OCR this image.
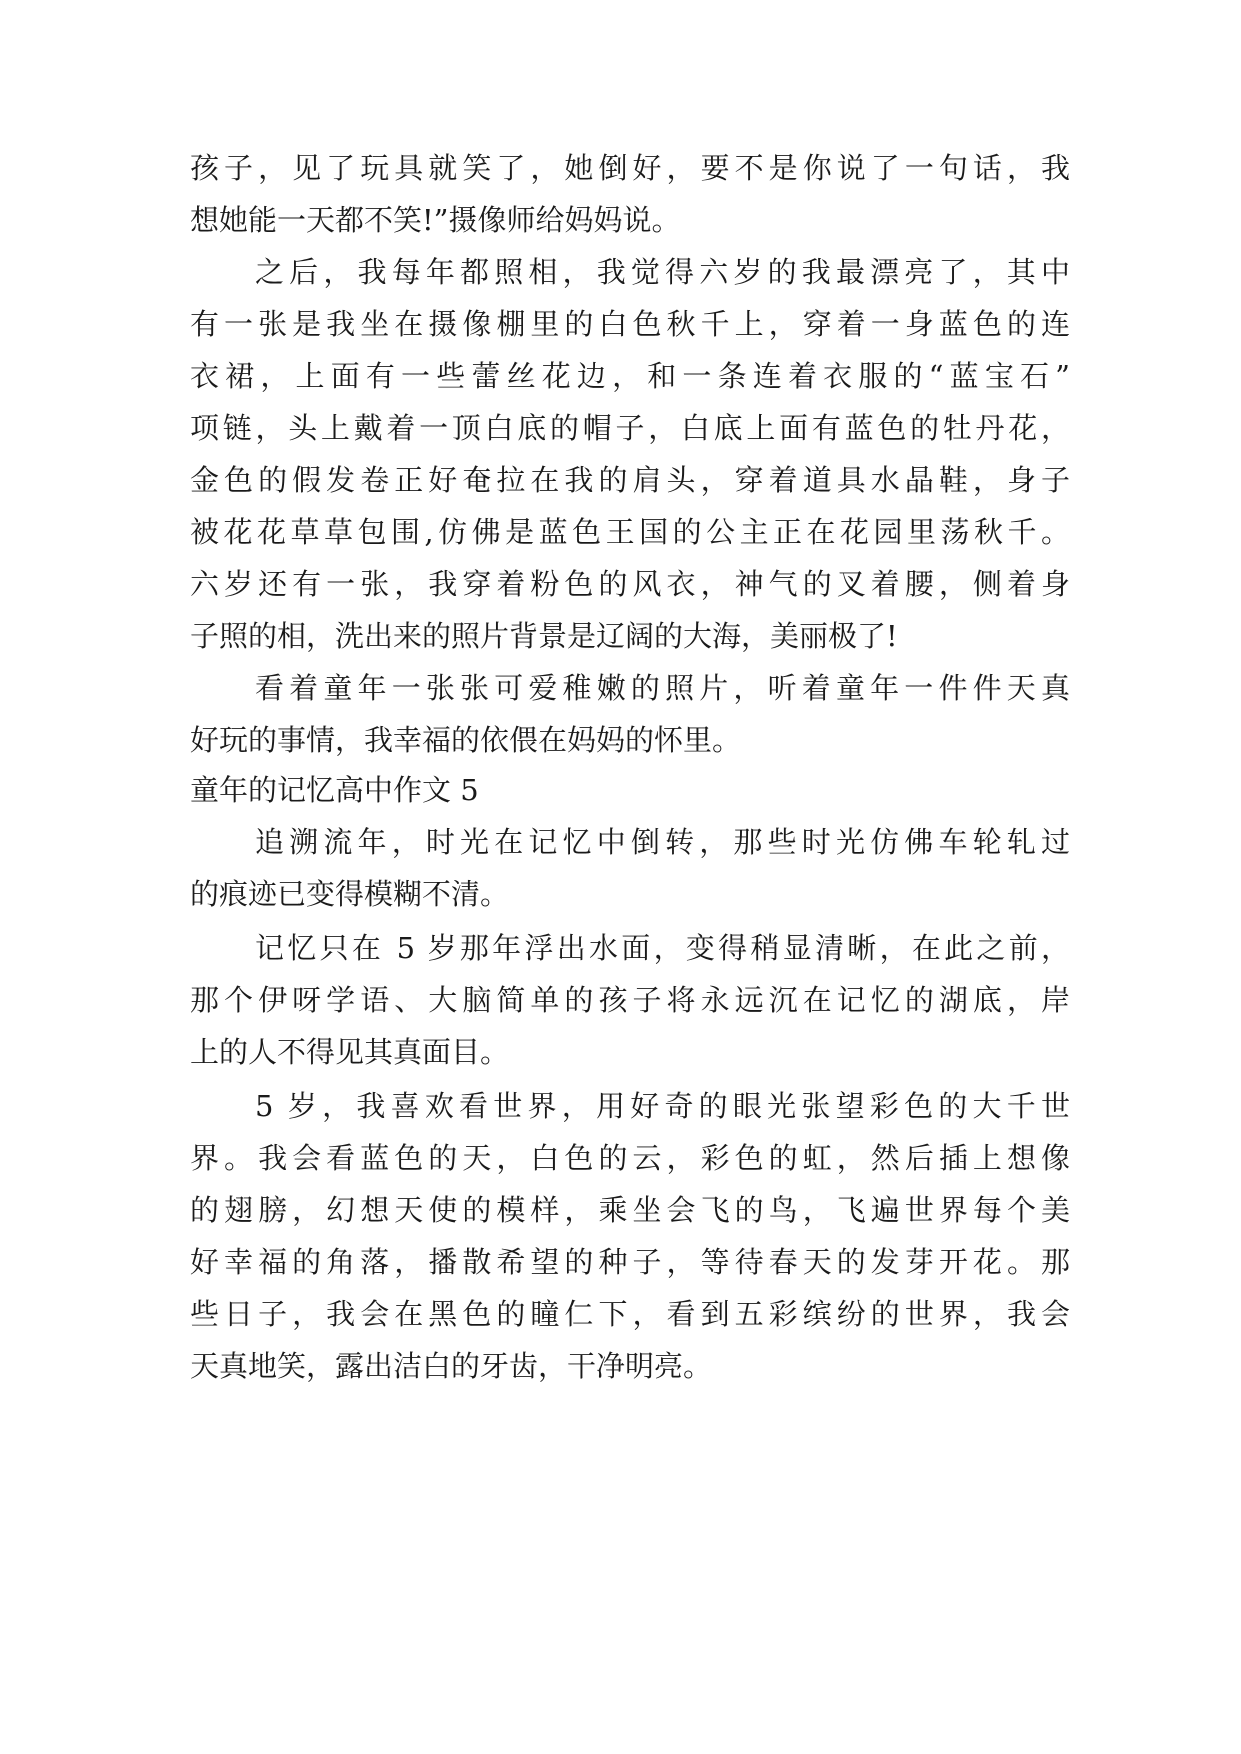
孩子，见了玩具就笑了，她倒好，要不是你说了一句话，我
想她能一天都不笑!”摄像师给妈妈说。
之后，我每年都照相，我觉得六岁的我最漂亮了，其中
有一张是我坐在摄像棚里的白色秋千上，穿着一身蓝色的连
衣裙，上面有一些蕾丝花边，和一条连着衣服的“蓝宝石”
项链，头上戴着一顶白底的帽子，白底上面有蓝色的牡丹花，
金色的假发卷正好奄拉在我的肩头，穿着道具水晶鞋，身子
被花花草草包围,仿佛是蓝色王国的公主正在花园里荡秋千。
六岁还有一张，我穿着粉色的风衣，神气的叉着腰，侧着身
子照的相，洗出来的照片背景是辽阔的大海，美丽极了!
看着童年一张张可爱稚嫩的照片，听着童年一件件天真
好玩的事情，我幸福的依偎在妈妈的怀里。
童年的记忆高中作文 5
追溯流年，时光在记忆中倒转，那些时光仿佛车轮轧过
的痕迹已变得模糊不清。
记忆只在 5 岁那年浮出水面，变得稍显清晰，在此之前，
那个伊呀学语、大脑简单的孩子将永远沉在记忆的湖底，岸
上的人不得见其真面目。
5 岁，我喜欢看世界，用好奇的眼光张望彩色的大千世
界。我会看蓝色的天，白色的云，彩色的虹，然后插上想像
的翅膀，幻想天使的模样，乘坐会飞的鸟，飞遍世界每个美
好幸福的角落，播散希望的种子，等待春天的发芽开花。那
些日子，我会在黑色的瞳仁下，看到五彩缤纷的世界，我会
天真地笑，露出洁白的牙齿，干净明亮。
